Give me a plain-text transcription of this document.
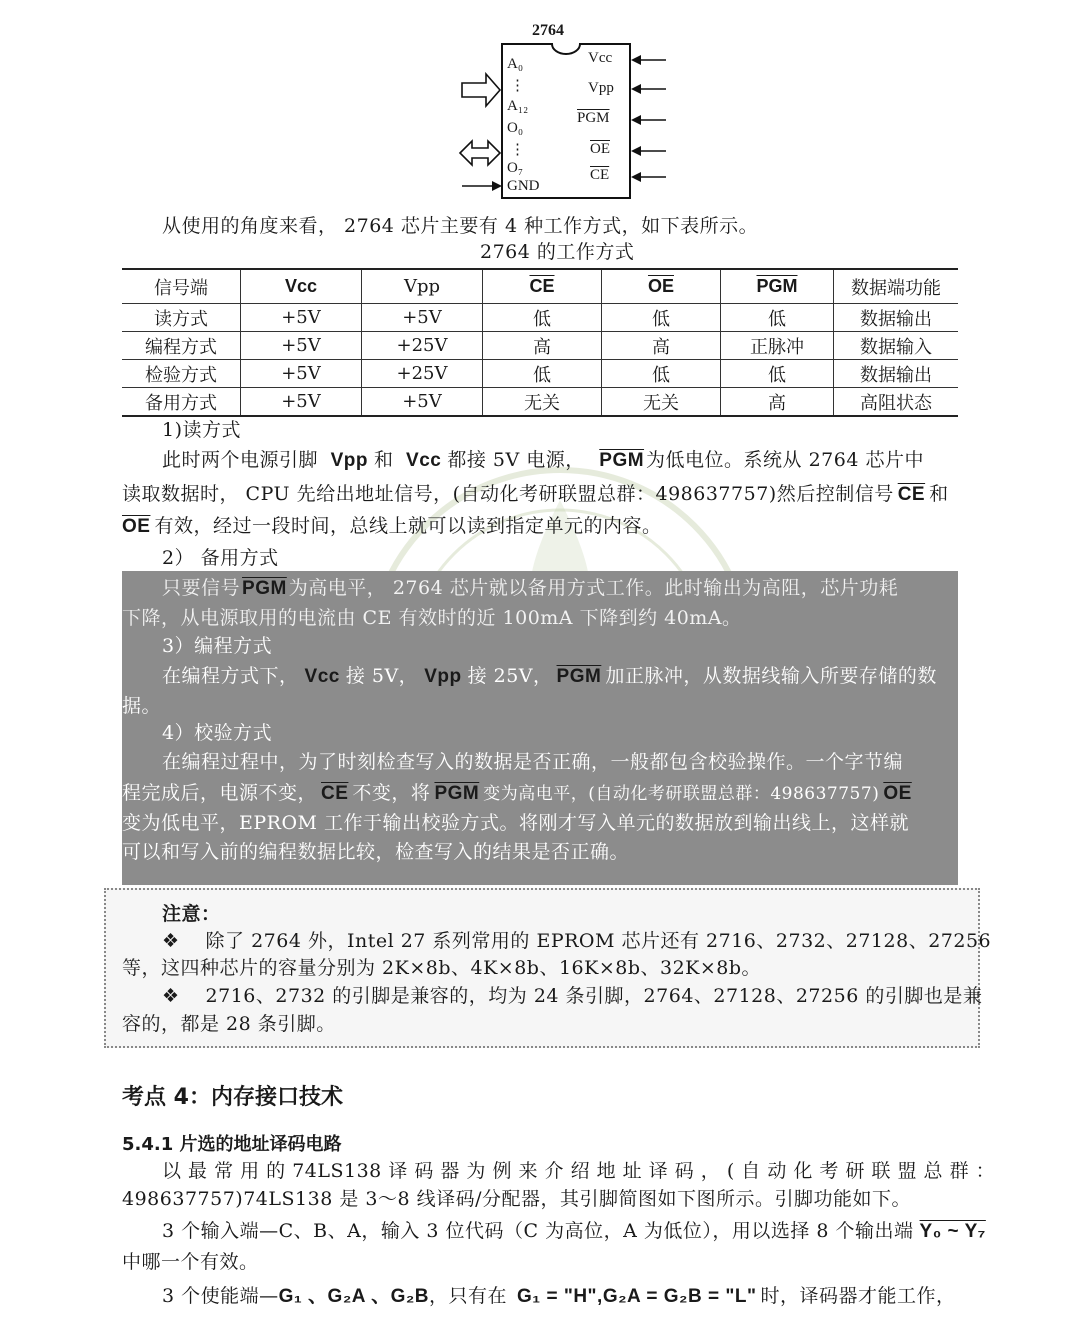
2764
A₀
⋮
A₁₂
O₀
⋮
O₇
GND
Vcc
Vpp
$\overline{PGM}$
$\overline{OE}$
$\overline{CE}$
从使用的角度来看， 2764 芯片主要有 4 种工作方式，如下表所示。
2764 的工作方式
信号端	Vcc	Vpp	$\overline{CE}$	$\overline{OE}$	$\overline{PGM}$	数据端功能
读方式	+5V	+5V	低	低	低	数据输出
编程方式	+5V	+25V	高	高	正脉冲	数据输入
检验方式	+5V	+25V	低	低	低	数据输出
备用方式	+5V	+5V	无关	无关	高	高阻状态
1)读方式
此时两个电源引脚 Vpp 和 Vcc 都接 5V 电源， $\overline{PGM}$ 为低电位。系统从 2764 芯片中
读取数据时， CPU 先给出地址信号，(自动化考研联盟总群：498637757)然后控制信号 $\overline{CE}$ 和
$\overline{OE}$ 有效，经过一段时间，总线上就可以读到指定单元的内容。
2） 备用方式
只要信号 $\overline{PGM}$ 为高电平， 2764 芯片就以备用方式工作。此时输出为高阻，芯片功耗
下降，从电源取用的电流由 CE 有效时的近 100mA 下降到约 40mA。
3）编程方式
在编程方式下， Vcc 接 5V， Vpp 接 25V， $\overline{PGM}$ 加正脉冲，从数据线输入所要存储的数
据。
4）校验方式
在编程过程中，为了时刻检查写入的数据是否正确，一般都包含校验操作。一个字节编
程完成后，电源不变， $\overline{CE}$ 不变，将 $\overline{PGM}$ 变为高电平，(自动化考研联盟总群：498637757) $\overline{OE}$
变为低电平，EPROM 工作于输出校验方式。将刚才写入单元的数据放到输出线上，这样就
可以和写入前的编程数据比较，检查写入的结果是否正确。
注意：
❖ 除了 2764 外，Intel 27 系列常用的 EPROM 芯片还有 2716、2732、27128、27256
等，这四种芯片的容量分别为 2K×8b、4K×8b、16K×8b、32K×8b。
❖ 2716、2732 的引脚是兼容的，均为 24 条引脚，2764、27128、27256 的引脚也是兼
容的，都是 28 条引脚。
考点 4：内存接口技术
5.4.1 片选的地址译码电路
以 最 常 用 的 74LS138 译 码 器 为 例 来 介 绍 地 址 译 码 ， ( 自 动 化 考 研 联 盟 总 群 ：
498637757)74LS138 是 3～8 线译码/分配器，其引脚简图如下图所示。引脚功能如下。
3 个输入端—C、B、A，输入 3 位代码（C 为高位，A 为低位），用以选择 8 个输出端 Y₀ ~ Y₇
中哪一个有效。
3 个使能端—G₁ 、G₂A 、G₂B，只有在 G₁ = "H",G₂A = G₂B = "L" 时，译码器才能工作，
